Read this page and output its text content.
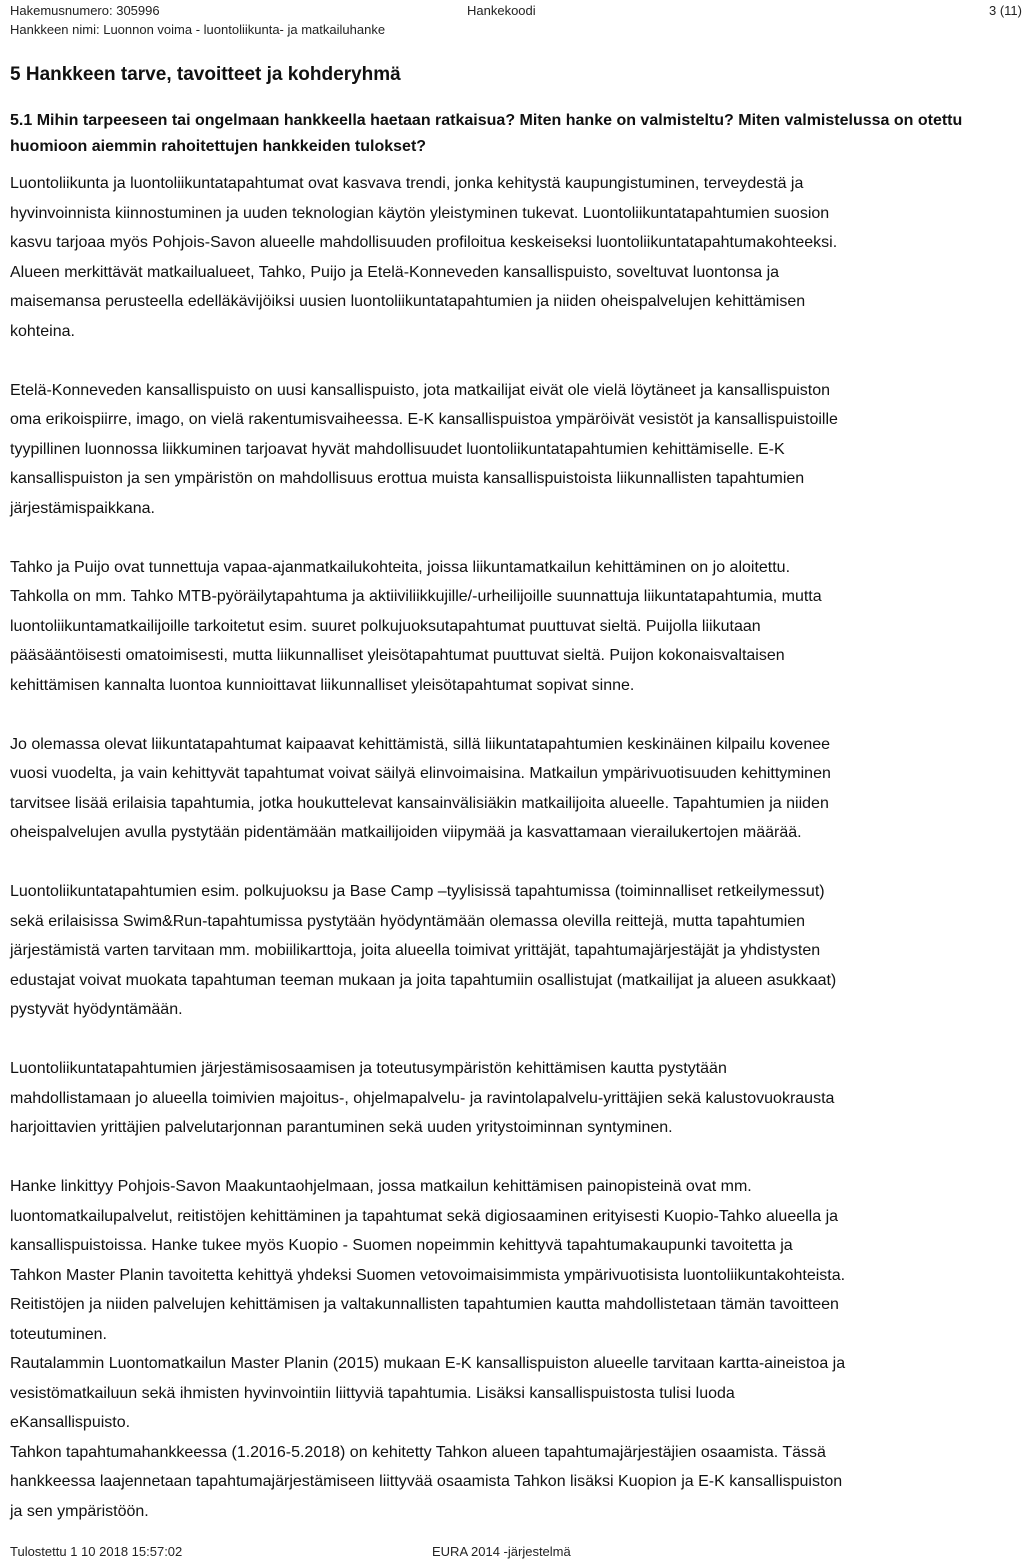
Hakemusnumero: 305996
Hankkeen nimi: Luonnon voima - luontoliikunta- ja matkailuhanke
Hankekoodi	3 (11)
5 Hankkeen tarve, tavoitteet ja kohderyhmä
5.1 Mihin tarpeeseen tai ongelmaan hankkeella haetaan ratkaisua? Miten hanke on valmisteltu? Miten valmistelussa on otettu huomioon aiemmin rahoitettujen hankkeiden tulokset?

Luontoliikunta ja luontoliikuntatapahtumat ovat kasvava trendi, jonka kehitystä kaupungistuminen, terveydestä ja
hyvinvoinnista kiinnostuminen ja uuden teknologian käytön yleistyminen tukevat. Luontoliikuntatapahtumien suosion
kasvu tarjoaa myös Pohjois-Savon alueelle mahdollisuuden profiloitua keskeiseksi luontoliikuntatapahtumakohteeksi.
Alueen merkittävät matkailualueet, Tahko, Puijo ja Etelä-Konneveden kansallispuisto, soveltuvat luontonsa ja
maisemansa perusteella edelläkävijöiksi uusien luontoliikuntatapahtumien ja niiden oheispalvelujen kehittämisen
kohteina.

Etelä-Konneveden kansallispuisto on uusi kansallispuisto, jota matkailijat eivät ole vielä löytäneet ja kansallispuiston
oma erikoispiirre, imago, on vielä rakentumisvaiheessa. E-K kansallispuistoa ympäröivät vesistöt ja kansallispuistoille
tyypillinen luonnossa liikkuminen tarjoavat hyvät mahdollisuudet luontoliikuntatapahtumien kehittämiselle. E-K
kansallispuiston ja sen ympäristön on mahdollisuus erottua muista kansallispuistoista liikunnallisten tapahtumien
järjestämispaikkana.

Tahko ja Puijo ovat tunnettuja vapaa-ajanmatkailukohteita, joissa liikuntamatkailun kehittäminen on jo aloitettu.
Tahkolla on mm. Tahko MTB-pyöräilytapahtuma ja aktiiviliikkujille/-urheilijoille suunnattuja liikuntatapahtumia, mutta
luontoliikuntamatkailijoille tarkoitetut esim. suuret polkujuoksutapahtumat puuttuvat sieltä. Puijolla liikutaan
pääsääntöisesti omatoimisesti, mutta liikunnalliset yleisötapahtumat puuttuvat sieltä. Puijon kokonaisvaltaisen
kehittämisen kannalta luontoa kunnioittavat liikunnalliset yleisötapahtumat sopivat sinne.

Jo olemassa olevat liikuntatapahtumat kaipaavat kehittämistä, sillä liikuntatapahtumien keskinäinen kilpailu kovenee
vuosi vuodelta, ja vain kehittyvät tapahtumat voivat säilyä elinvoimaisina. Matkailun ympärivuotisuuden kehittyminen
tarvitsee lisää erilaisia tapahtumia, jotka houkuttelevat kansainvälisiäkin matkailijoita alueelle. Tapahtumien ja niiden
oheispalvelujen avulla pystytään pidentämään matkailijoiden viipymää ja kasvattamaan vierailukertojen määrää.

Luontoliikuntatapahtumien esim. polkujuoksu ja Base Camp –tyylisissä tapahtumissa (toiminnalliset retkeilymessut)
sekä erilaisissa Swim&Run-tapahtumissa pystytään hyödyntämään olemassa olevilla reittejä, mutta tapahtumien
järjestämistä varten tarvitaan mm. mobiilikarttoja, joita alueella toimivat yrittäjät, tapahtumajärjestäjät ja yhdistysten
edustajat voivat muokata tapahtuman teeman mukaan ja joita tapahtumiin osallistujat (matkailijat ja alueen asukkaat)
pystyvät hyödyntämään.

Luontoliikuntatapahtumien järjestämisosaamisen ja toteutusympäristön kehittämisen kautta pystytään
mahdollistamaan jo alueella toimivien majoitus-, ohjelmapalvelu- ja ravintolapalvelu-yrittäjien sekä kalustovuokrausta
harjoittavien yrittäjien palvelutarjonnan parantuminen sekä uuden yritystoiminnan syntyminen.

Hanke linkittyy Pohjois-Savon Maakuntaohjelmaan, jossa matkailun kehittämisen painopisteinä ovat mm.
luontomatkailupalvelut, reitistöjen kehittäminen ja tapahtumat sekä digiosaaminen erityisesti Kuopio-Tahko alueella ja
kansallispuistoissa. Hanke tukee myös Kuopio - Suomen nopeimmin kehittyvä tapahtumakaupunki tavoitetta ja
Tahkon Master Planin tavoitetta kehittyä yhdeksi Suomen vetovoimaisimmista ympärivuotisista luontoliikuntakohteista.
Reitistöjen ja niiden palvelujen kehittämisen ja valtakunnallisten tapahtumien kautta mahdollistetaan tämän tavoitteen
toteutuminen.
Rautalammin Luontomatkailun Master Planin (2015) mukaan E-K kansallispuiston alueelle tarvitaan kartta-aineistoa ja
vesistömatkailuun sekä ihmisten hyvinvointiin liittyviä tapahtumia. Lisäksi kansallispuistosta tulisi luoda
eKansallispuisto.
Tahkon tapahtumahankkeessa (1.2016-5.2018) on kehitetty Tahkon alueen tapahtumajärjestäjien osaamista. Tässä
hankkeessa laajennetaan tapahtumajärjestämiseen liittyvää osaamista Tahkon lisäksi Kuopion ja E-K kansallispuiston
ja sen ympäristöön.

Tulostettu 1 10 2018 15:57:02	EURA 2014 -järjestelmä
